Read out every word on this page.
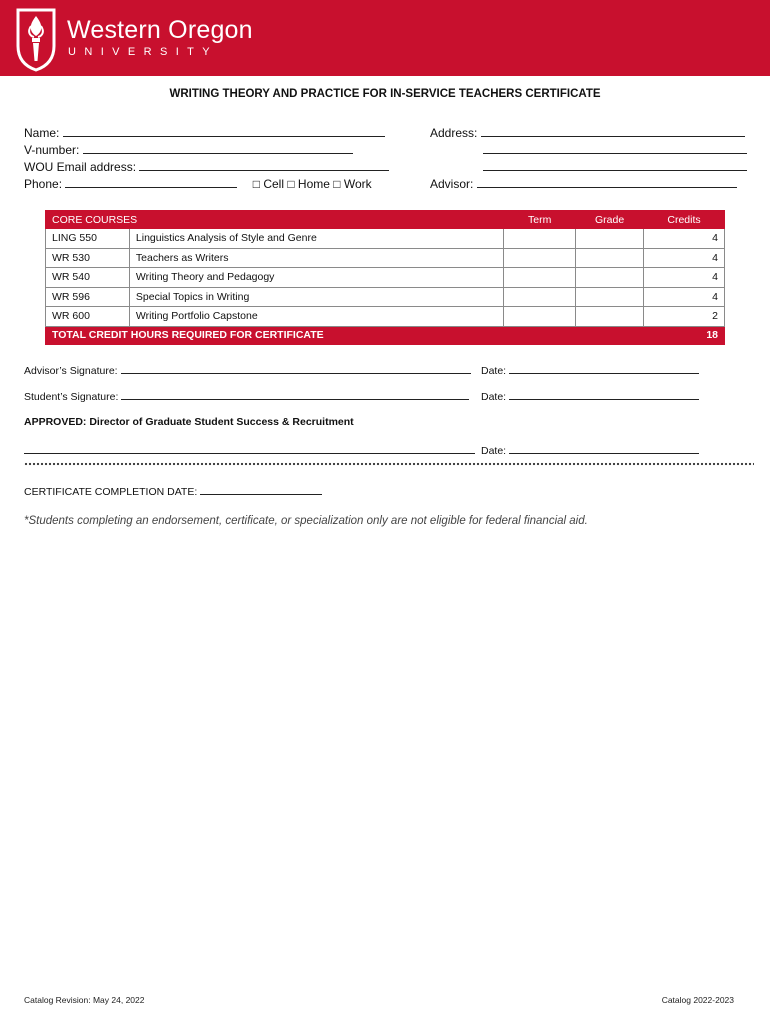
Western Oregon
UNIVERSITY
WRITING THEORY AND PRACTICE FOR IN-SERVICE TEACHERS CERTIFICATE
Name:
V-number:
WOU Email address:
Phone:	□ Cell □ Home □ Work
Address:
Advisor:
CORE COURSES		Term	Grade	Credits
LING 550	Linguistics Analysis of Style and Genre			4
WR 530	Teachers as Writers			4
WR 540	Writing Theory and Pedagogy			4
WR 596	Special Topics in Writing			4
WR 600	Writing Portfolio Capstone			2
TOTAL CREDIT HOURS REQUIRED FOR CERTIFICATE				18
Advisor’s Signature:	Date:
Student’s Signature:	Date:
APPROVED: Director of Graduate Student Success & Recruitment
Date:
CERTIFICATE COMPLETION DATE:
*Students completing an endorsement, certificate, or specialization only are not eligible for federal financial aid.
Catalog Revision: May 24, 2022	Catalog 2022-2023
